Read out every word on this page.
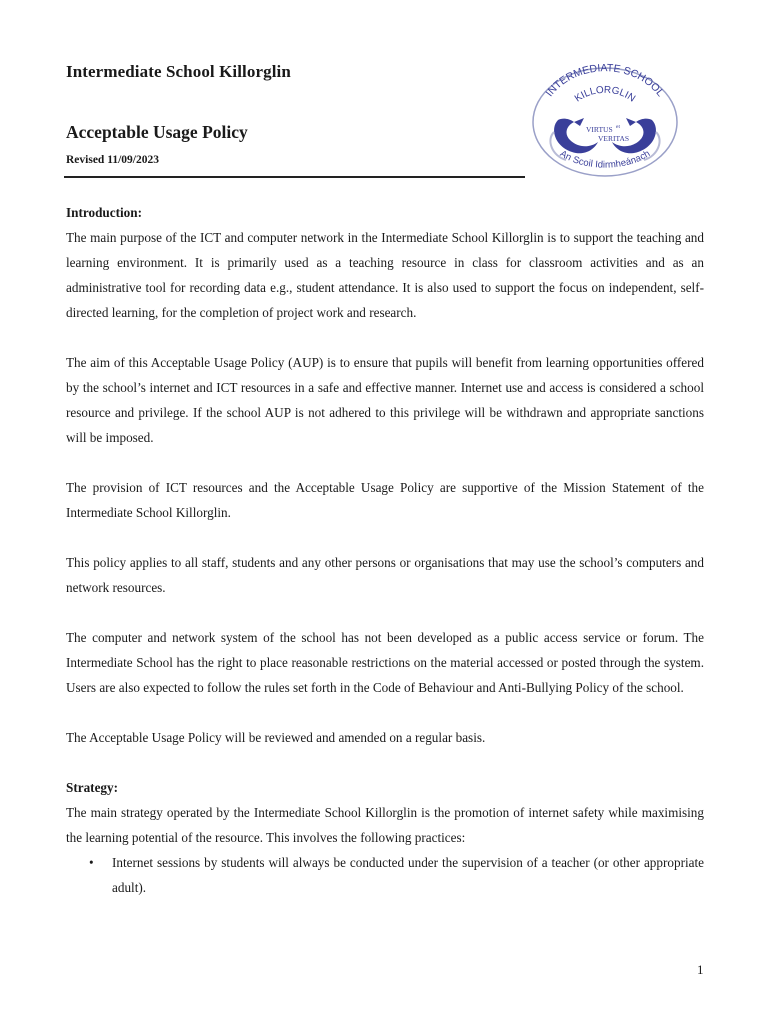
Intermediate School Killorglin
Acceptable Usage Policy
Revised 11/09/2023
INTERMEDIATE SCHOOL
KILLORGLIN
VIRTUS et
VERITAS
An Scoil Idirmheánach

Introduction:

The main purpose of the ICT and computer network in the Intermediate School Killorglin is to support the teaching and learning environment. It is primarily used as a teaching resource in class for classroom activities and as an administrative tool for recording data e.g., student attendance. It is also used to support the focus on independent, self-directed learning, for the completion of project work and research.

The aim of this Acceptable Usage Policy (AUP) is to ensure that pupils will benefit from learning opportunities offered by the school’s internet and ICT resources in a safe and effective manner. Internet use and access is considered a school resource and privilege. If the school AUP is not adhered to this privilege will be withdrawn and appropriate sanctions will be imposed.

The provision of ICT resources and the Acceptable Usage Policy are supportive of the Mission Statement of the Intermediate School Killorglin.

This policy applies to all staff, students and any other persons or organisations that may use the school’s computers and network resources.

The computer and network system of the school has not been developed as a public access service or forum. The Intermediate School has the right to place reasonable restrictions on the material accessed or posted through the system. Users are also expected to follow the rules set forth in the Code of Behaviour and Anti-Bullying Policy of the school.

The Acceptable Usage Policy will be reviewed and amended on a regular basis.

Strategy:

The main strategy operated by the Intermediate School Killorglin is the promotion of internet safety while maximising the learning potential of the resource. This involves the following practices:

• Internet sessions by students will always be conducted under the supervision of a teacher (or other appropriate adult).
1
